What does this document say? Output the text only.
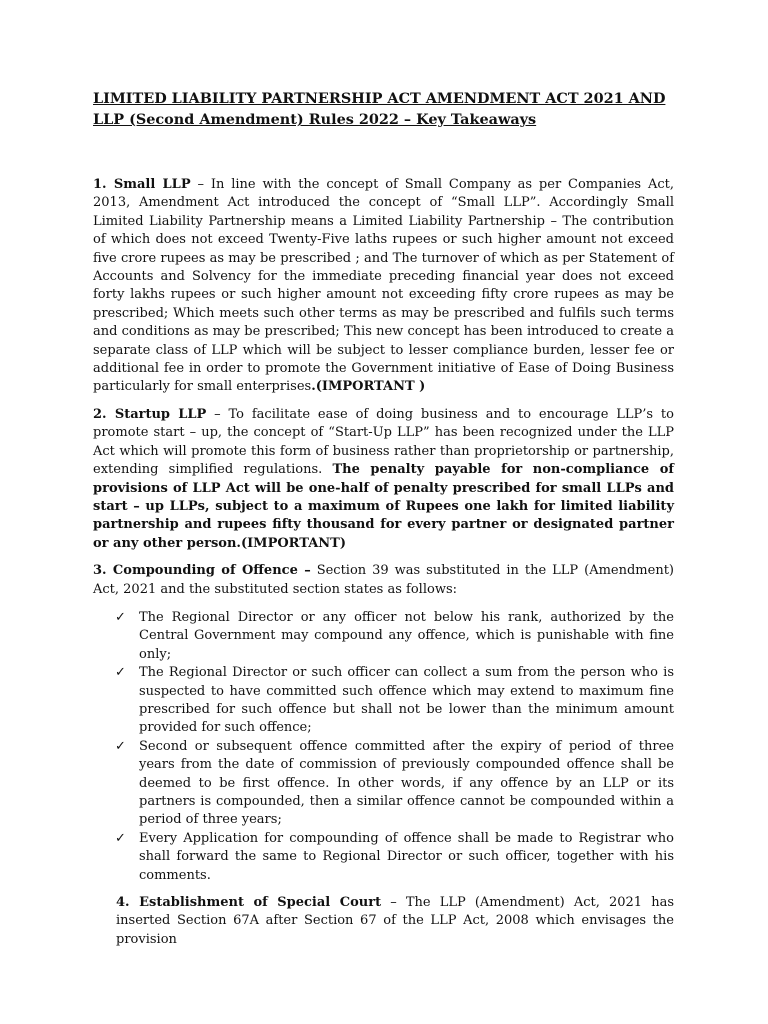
LIMITED LIABILITY PARTNERSHIP ACT AMENDMENT ACT 2021 AND
LLP (Second Amendment) Rules 2022 – Key Takeaways

1. Small LLP – In line with the concept of Small Company as per Companies Act, 2013, Amendment Act introduced the concept of “Small LLP”. Accordingly Small Limited Liability Partnership means a Limited Liability Partnership – The contribution of which does not exceed Twenty-Five laths rupees or such higher amount not exceed five crore rupees as may be prescribed ; and The turnover of which as per Statement of Accounts and Solvency for the immediate preceding financial year does not exceed forty lakhs rupees or such higher amount not exceeding fifty crore rupees as may be prescribed; Which meets such other terms as may be prescribed and fulfils such terms and conditions as may be prescribed; This new concept has been introduced to create a separate class of LLP which will be subject to lesser compliance burden, lesser fee or additional fee in order to promote the Government initiative of Ease of Doing Business particularly for small enterprises.(IMPORTANT )

2. Startup LLP – To facilitate ease of doing business and to encourage LLP’s to promote start – up, the concept of “Start-Up LLP” has been recognized under the LLP Act which will promote this form of business rather than proprietorship or partnership, extending simplified regulations. The penalty payable for non-compliance of provisions of LLP Act will be one-half of penalty prescribed for small LLPs and start – up LLPs, subject to a maximum of Rupees one lakh for limited liability partnership and rupees fifty thousand for every partner or designated partner or any other person.(IMPORTANT)

3. Compounding of Offence – Section 39 was substituted in the LLP (Amendment) Act, 2021 and the substituted section states as follows:

✓ The Regional Director or any officer not below his rank, authorized by the Central Government may compound any offence, which is punishable with fine only;
✓ The Regional Director or such officer can collect a sum from the person who is suspected to have committed such offence which may extend to maximum fine prescribed for such offence but shall not be lower than the minimum amount provided for such offence;
✓ Second or subsequent offence committed after the expiry of period of three years from the date of commission of previously compounded offence shall be deemed to be first offence. In other words, if any offence by an LLP or its partners is compounded, then a similar offence cannot be compounded within a period of three years;
✓ Every Application for compounding of offence shall be made to Registrar who shall forward the same to Regional Director or such officer, together with his comments.

4. Establishment of Special Court – The LLP (Amendment) Act, 2021 has inserted Section 67A after Section 67 of the LLP Act, 2008 which envisages the provision
